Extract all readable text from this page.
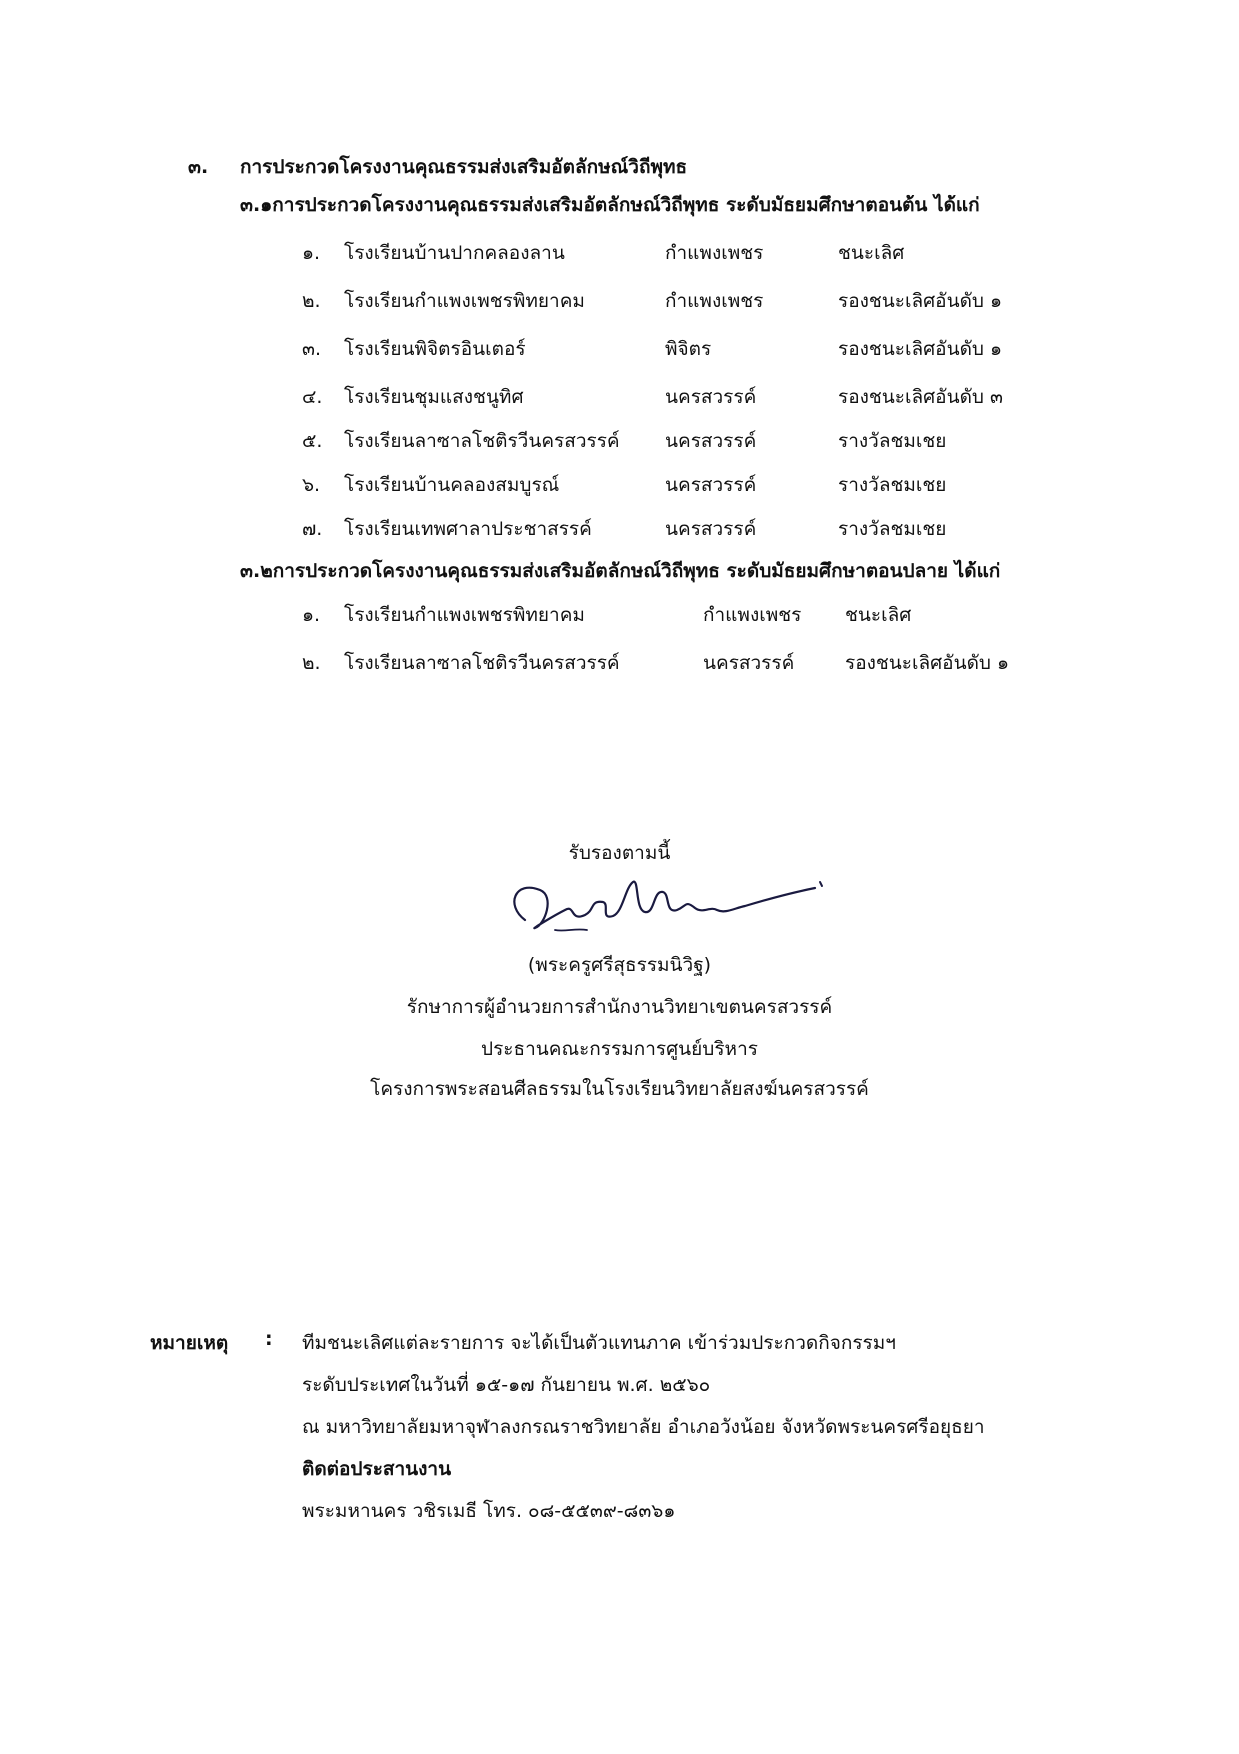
๓. การประกวดโครงงานคุณธรรมส่งเสริมอัตลักษณ์วิถีพุทธ
๓.๑การประกวดโครงงานคุณธรรมส่งเสริมอัตลักษณ์วิถีพุทธ ระดับมัธยมศึกษาตอนต้น ได้แก่
๑. โรงเรียนบ้านปากคลองลาน	กำแพงเพชร	ชนะเลิศ
๒. โรงเรียนกำแพงเพชรพิทยาคม	กำแพงเพชร	รองชนะเลิศอันดับ ๑
๓. โรงเรียนพิจิตรอินเตอร์	พิจิตร	รองชนะเลิศอันดับ ๑
๔. โรงเรียนชุมแสงชนูทิศ	นครสวรรค์	รองชนะเลิศอันดับ ๓
๕. โรงเรียนลาซาลโชติรวีนครสวรรค์ นครสวรรค์	รางวัลชมเชย
๖. โรงเรียนบ้านคลองสมบูรณ์	นครสวรรค์	รางวัลชมเชย
๗. โรงเรียนเทพศาลาประชาสรรค์	นครสวรรค์	รางวัลชมเชย
๓.๒การประกวดโครงงานคุณธรรมส่งเสริมอัตลักษณ์วิถีพุทธ ระดับมัธยมศึกษาตอนปลาย ได้แก่
๑. โรงเรียนกำแพงเพชรพิทยาคม	กำแพงเพชร ชนะเลิศ
๒. โรงเรียนลาซาลโชติรวีนครสวรรค์	นครสวรรค์	รองชนะเลิศอันดับ ๑
รับรองตามนี้
(พระครูศรีสุธรรมนิวิฐ)
รักษาการผู้อำนวยการสำนักงานวิทยาเขตนครสวรรค์
ประธานคณะกรรมการศูนย์บริหาร
โครงการพระสอนศีลธรรมในโรงเรียนวิทยาลัยสงฆ์นครสวรรค์
หมายเหตุ : ทีมชนะเลิศแต่ละรายการ จะได้เป็นตัวแทนภาค เข้าร่วมประกวดกิจกรรมฯ
ระดับประเทศในวันที่ ๑๕-๑๗ กันยายน พ.ศ. ๒๕๖๐
ณ มหาวิทยาลัยมหาจุฬาลงกรณราชวิทยาลัย อำเภอวังน้อย จังหวัดพระนครศรีอยุธยา
ติดต่อประสานงาน
พระมหานคร วชิรเมธี โทร. ๐๘-๕๕๓๙-๘๓๖๑
